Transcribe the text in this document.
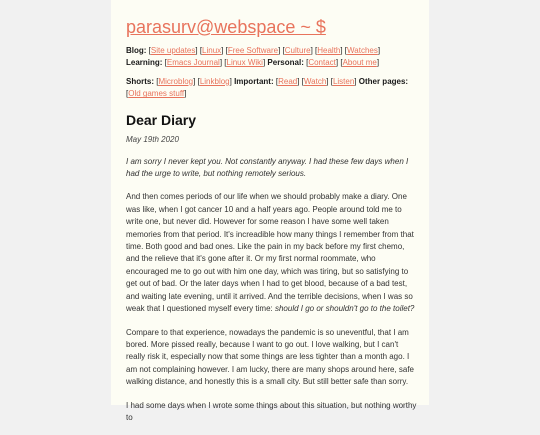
parasurv@webspace ~ $

Blog: [Site updates] [Linux] [Free Software] [Culture] [Health] [Watches] Learning: [Emacs Journal] [Linux Wiki] Personal: [Contact] [About me]

Shorts: [Microblog] [Linkblog] Important: [Read] [Watch] [Listen] Other pages: [Old games stuff]

Dear Diary

May 19th 2020

I am sorry I never kept you. Not constantly anyway. I had these few days when I had the urge to write, but nothing remotely serious.

And then comes periods of our life when we should probably make a diary. One was like, when I got cancer 10 and a half years ago. People around told me to write one, but never did. However for some reason I have some well taken memories from that period. It's increadible how many things I remember from that time. Both good and bad ones. Like the pain in my back before my first chemo, and the relieve that it's gone after it. Or my first normal roommate, who encouraged me to go out with him one day, which was tiring, but so satisfying to get out of bad. Or the later days when I had to get blood, because of a bad test, and waiting late evening, until it arrived. And the terrible decisions, when I was so weak that I questioned myself every time: should I go or shouldn't go to the toilet?

Compare to that experience, nowadays the pandemic is so uneventful, that I am bored. More pissed really, because I want to go out. I love walking, but I can't really risk it, especially now that some things are less tighter than a month ago. I am not complaining however. I am lucky, there are many shops around here, safe walking distance, and honestly this is a small city. But still better safe than sorry.

I had some days when I wrote some things about this situation, but nothing worthy to
